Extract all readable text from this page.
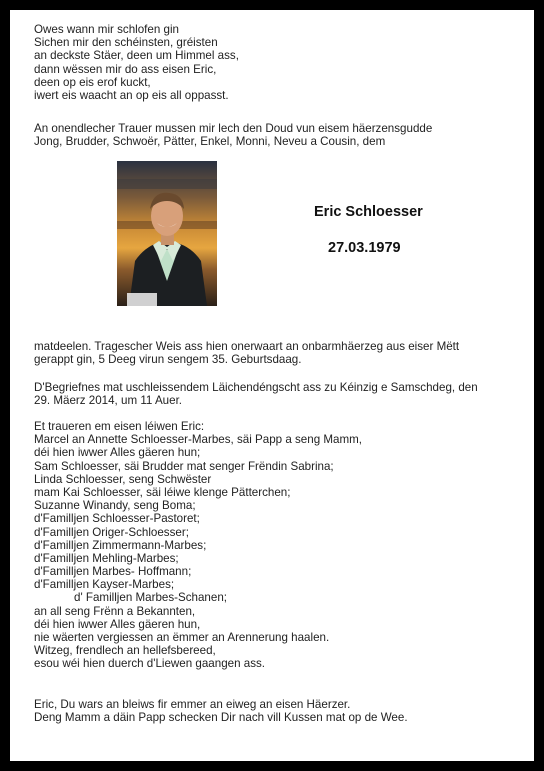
Owes wann mir schlofen gin
Sichen mir den schéinsten, gréisten
an deckste Stäer, deen um Himmel ass,
dann wëssen mir do ass eisen Eric,
deen op eis erof kuckt,
iwert eis waacht an op eis all oppasst.
An onendlecher Trauer mussen mir lech den Doud vun eisem häerzensgudde
Jong, Brudder, Schwoër, Pätter, Enkel, Monni, Neveu a Cousin, dem
Eric Schloesser
27.03.1979
matdeelen. Tragescher Weis ass hien onerwaart an onbarmhäerzeg aus eiser Mëtt
gerappt gin, 5 Deeg virun sengem 35. Geburtsdaag.
D'Begriefnes mat uschleissendem Läichendéngscht ass zu Kéinzig e Samschdeg, den
29. Mäerz 2014, um 11 Auer.
Et traueren em eisen léiwen Eric:
Marcel an Annette Schloesser-Marbes, säi Papp a seng Mamm,
déi hien iwwer Alles gäeren hun;
Sam Schloesser, säi Brudder mat senger Frëndin Sabrina;
Linda Schloesser, seng Schwëster
mam Kai Schloesser, säi léiwe klenge Pätterchen;
Suzanne Winandy, seng Boma;
d'Familljen Schloesser-Pastoret;
d'Familljen Origer-Schloesser;
d'Familljen Zimmermann-Marbes;
d'Familljen Mehling-Marbes;
d'Familljen Marbes- Hoffmann;
d'Familljen Kayser-Marbes;
d' Familljen Marbes-Schanen;
an all seng Frënn a Bekannten,
déi hien iwwer Alles gäeren hun,
nie wäerten vergiessen an ëmmer an Arennerung haalen.
Witzeg, frendlech an hellefsbereed,
esou wéi hien duerch d'Liewen gaangen ass.
Eric, Du wars an bleiws fir emmer an eiweg an eisen Häerzer.
Deng Mamm a däin Papp schecken Dir nach vill Kussen mat op de Wee.
